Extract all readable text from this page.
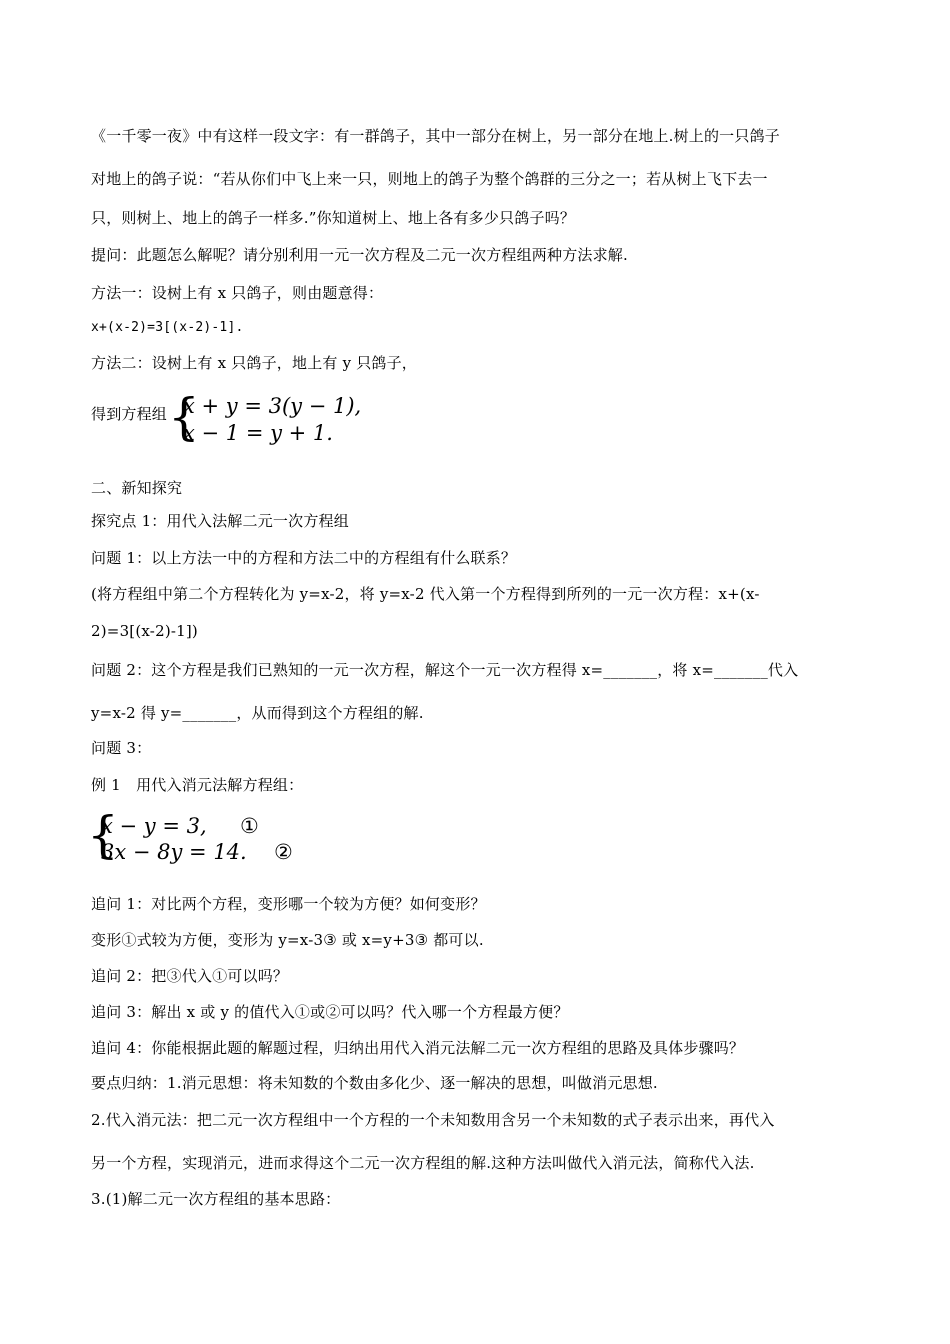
《一千零一夜》中有这样一段文字：有一群鸽子，其中一部分在树上，另一部分在地上.树上的一只鸽子
对地上的鸽子说：“若从你们中飞上来一只，则地上的鸽子为整个鸽群的三分之一；若从树上飞下去一
只，则树上、地上的鸽子一样多.”你知道树上、地上各有多少只鸽子吗？
提问：此题怎么解呢？请分别利用一元一次方程及二元一次方程组两种方法求解.
方法一：设树上有 x 只鸽子，则由题意得：
x+(x-2)=3[(x-2)-1].
方法二：设树上有 x 只鸽子，地上有 y 只鸽子，
得到方程组 {
x + y = 3(y − 1),
x − 1 = y + 1.
二、新知探究
探究点 1：用代入法解二元一次方程组
问题 1：以上方法一中的方程和方法二中的方程组有什么联系？
(将方程组中第二个方程转化为 y=x-2，将 y=x-2 代入第一个方程得到所列的一元一次方程：x+(x-
2)=3[(x-2)-1])
问题 2：这个方程是我们已熟知的一元一次方程，解这个一元一次方程得 x=_______，将 x=_______代入
y=x-2 得 y=_______，从而得到这个方程组的解.
问题 3：
例 1　用代入消元法解方程组：
{
x − y = 3, ①
3x − 8y = 14. ②
追问 1：对比两个方程，变形哪一个较为方便？如何变形？
变形①式较为方便，变形为 y=x-3③ 或 x=y+3③ 都可以.
追问 2：把③代入①可以吗？
追问 3：解出 x 或 y 的值代入①或②可以吗？代入哪一个方程最方便？
追问 4：你能根据此题的解题过程，归纳出用代入消元法解二元一次方程组的思路及具体步骤吗？
要点归纳：1.消元思想：将未知数的个数由多化少、逐一解决的思想，叫做消元思想.
2.代入消元法：把二元一次方程组中一个方程的一个未知数用含另一个未知数的式子表示出来，再代入
另一个方程，实现消元，进而求得这个二元一次方程组的解.这种方法叫做代入消元法，简称代入法.
3.(1)解二元一次方程组的基本思路：
